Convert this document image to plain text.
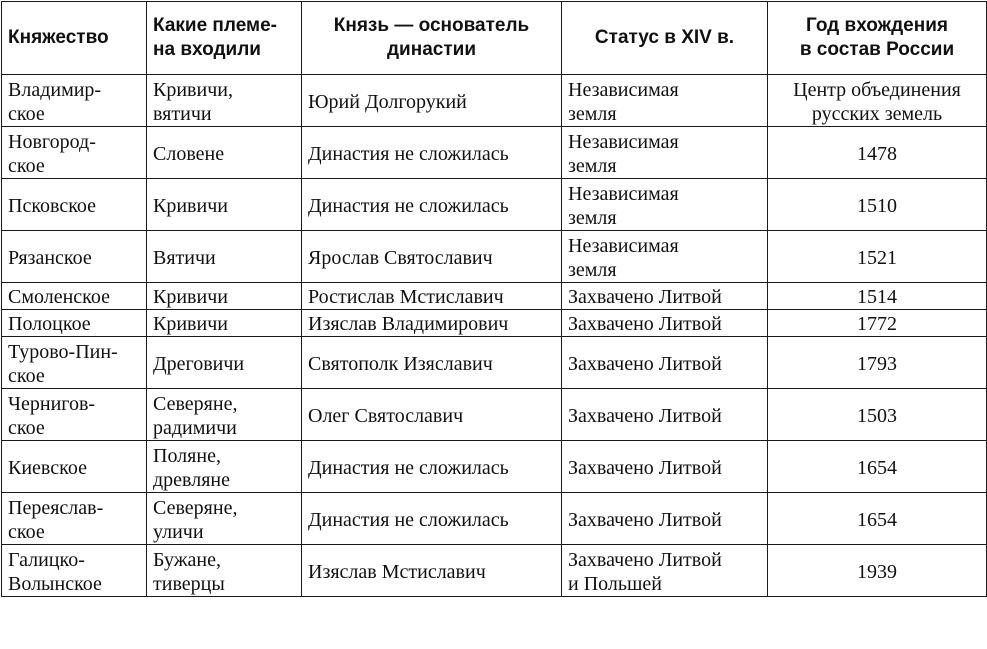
Княжество	Какие племе-
на входили	Князь — основатель
династии	Статус в XIV в.	Год вхождения
в состав России

Владимир-
ское	Кривичи,
вятичи	Юрий Долгорукий	Независимая
земля	Центр объединения
русских земель

Новгород-
ское	Словене	Династия не сложилась	Независимая
земля	1478

Псковское	Кривичи	Династия не сложилась	Независимая
земля	1510

Рязанское	Вятичи	Ярослав Святославич	Независимая
земля	1521

Смоленское	Кривичи	Ростислав Мстиславич	Захвачено Литвой	1514

Полоцкое	Кривичи	Изяслав Владимирович	Захвачено Литвой	1772

Турово-Пин-
ское	Дреговичи	Святополк Изяславич	Захвачено Литвой	1793

Чернигов-
ское	Северяне,
радимичи	Олег Святославич	Захвачено Литвой	1503

Киевское	Поляне,
древляне	Династия не сложилась	Захвачено Литвой	1654

Переяслав-
ское	Северяне,
уличи	Династия не сложилась	Захвачено Литвой	1654

Галицко-
Волынское	Бужане,
тиверцы	Изяслав Мстиславич	Захвачено Литвой
и Польшей	1939
